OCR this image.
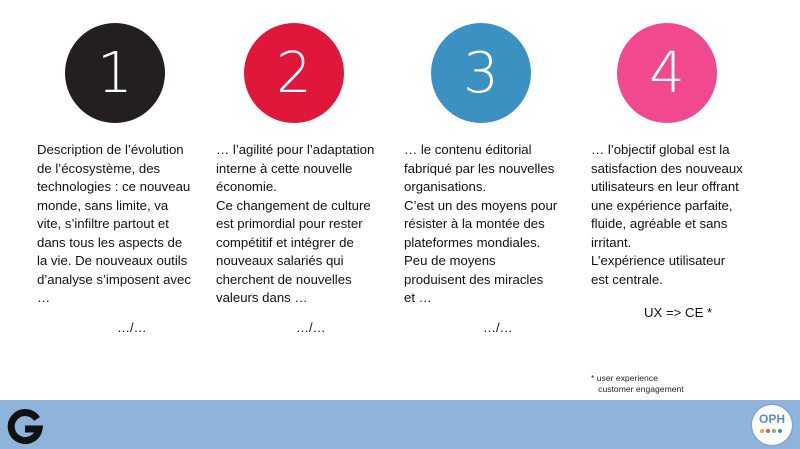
1	2	3	4
Description de l’évolution
de l’écosystème, des
technologies : ce nouveau
monde, sans limite, va
vite, s’infiltre partout et
dans tous les aspects de
la vie. De nouveaux outils
d’analyse s’imposent avec
…
… l’agilité pour l’adaptation
interne à cette nouvelle
économie.
Ce changement de culture
est primordial pour rester
compétitif et intégrer de
nouveaux salariés qui
cherchent de nouvelles
valeurs dans …
… le contenu éditorial
fabriqué par les nouvelles
organisations.
C’est un des moyens pour
résister à la montée des
plateformes mondiales.
Peu de moyens
produisent des miracles
et …
… l’objectif global est la
satisfaction des nouveaux
utilisateurs en leur offrant
une expérience parfaite,
fluide, agréable et sans
irritant.
L’expérience utilisateur
est centrale.
…/…	…/…	…/…
UX => CE *
* user experience
customer engagement
OPH
